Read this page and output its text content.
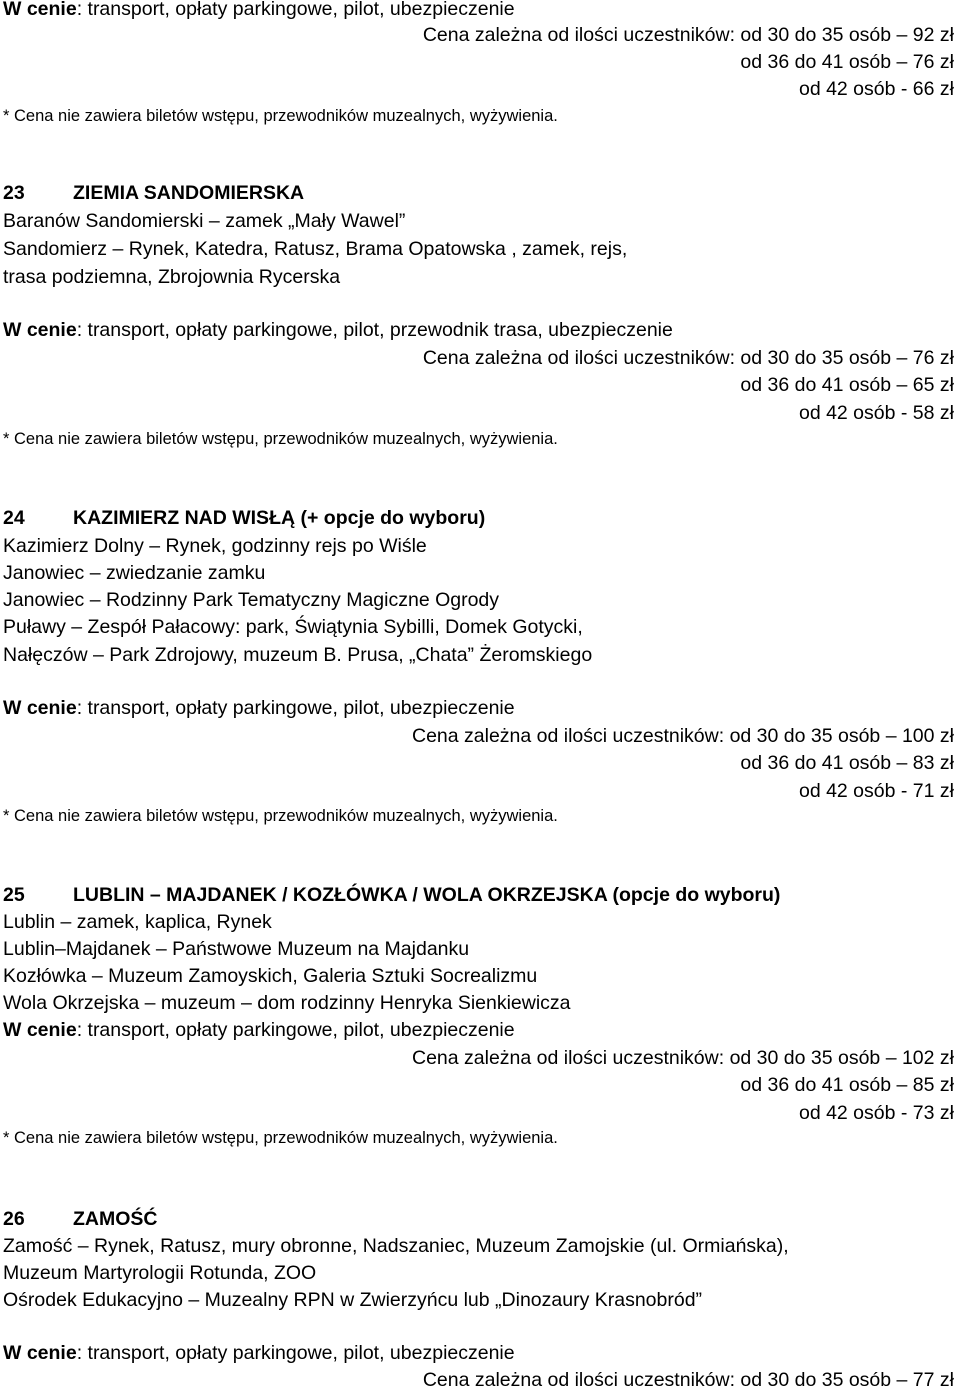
W cenie: transport, opłaty parkingowe, pilot, ubezpieczenie
Cena zależna od ilości uczestników: od 30 do 35 osób – 92 zł
od 36 do 41 osób – 76 zł
od 42 osób - 66 zł
* Cena nie zawiera biletów wstępu, przewodników muzealnych, wyżywienia.
23 ZIEMIA SANDOMIERSKA
Baranów Sandomierski – zamek „Mały Wawel”
Sandomierz – Rynek, Katedra, Ratusz, Brama Opatowska , zamek, rejs,
trasa podziemna, Zbrojownia Rycerska
W cenie: transport, opłaty parkingowe, pilot, przewodnik trasa, ubezpieczenie
Cena zależna od ilości uczestników: od 30 do 35 osób – 76 zł
od 36 do 41 osób – 65 zł
od 42 osób - 58 zł
* Cena nie zawiera biletów wstępu, przewodników muzealnych, wyżywienia.
24 KAZIMIERZ NAD WISŁĄ (+ opcje do wyboru)
Kazimierz Dolny – Rynek, godzinny rejs po Wiśle
Janowiec – zwiedzanie zamku
Janowiec – Rodzinny Park Tematyczny Magiczne Ogrody
Puławy – Zespół Pałacowy: park, Świątynia Sybilli, Domek Gotycki,
Nałęczów – Park Zdrojowy, muzeum B. Prusa, „Chata” Żeromskiego
W cenie: transport, opłaty parkingowe, pilot, ubezpieczenie
Cena zależna od ilości uczestników: od 30 do 35 osób – 100 zł
od 36 do 41 osób – 83 zł
od 42 osób - 71 zł
* Cena nie zawiera biletów wstępu, przewodników muzealnych, wyżywienia.
25 LUBLIN – MAJDANEK / KOZŁÓWKA / WOLA OKRZEJSKA (opcje do wyboru)
Lublin – zamek, kaplica, Rynek
Lublin–Majdanek – Państwowe Muzeum na Majdanku
Kozłówka – Muzeum Zamoyskich, Galeria Sztuki Socrealizmu
Wola Okrzejska – muzeum – dom rodzinny Henryka Sienkiewicza
W cenie: transport, opłaty parkingowe, pilot, ubezpieczenie
Cena zależna od ilości uczestników: od 30 do 35 osób – 102 zł
od 36 do 41 osób – 85 zł
od 42 osób - 73 zł
* Cena nie zawiera biletów wstępu, przewodników muzealnych, wyżywienia.
26 ZAMOŚĆ
Zamość – Rynek, Ratusz, mury obronne, Nadszaniec, Muzeum Zamojskie (ul. Ormiańska),
Muzeum Martyrologii Rotunda, ZOO
Ośrodek Edukacyjno – Muzealny RPN w Zwierzyńcu lub „Dinozaury Krasnobród”
W cenie: transport, opłaty parkingowe, pilot, ubezpieczenie
Cena zależna od ilości uczestników: od 30 do 35 osób – 77 zł
